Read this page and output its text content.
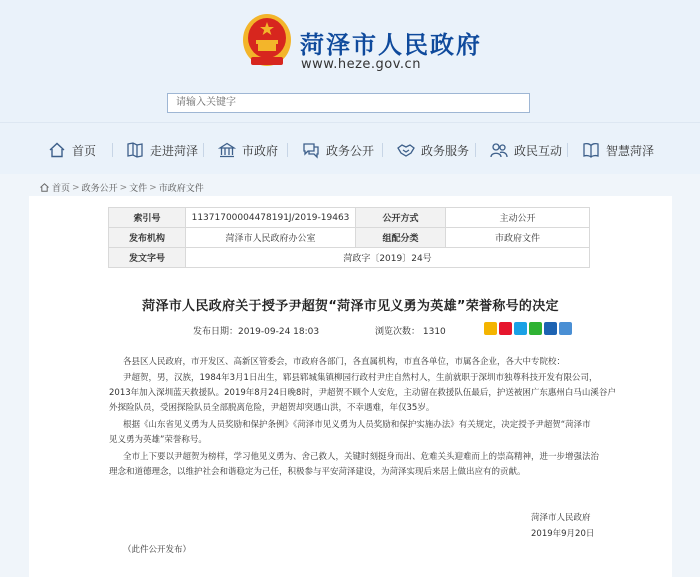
菏泽市人民政府
www.heze.gov.cn
请输入关键字
首页	走进菏泽	市政府	政务公开	政务服务	政民互动	智慧菏泽
首页 > 政务公开 > 文件 > 市政府文件
索引号	11371700004478191J/2019-19463	公开方式	主动公开
发布机构	菏泽市人民政府办公室	组配分类	市政府文件
发文字号	菏政字〔2019〕24号		
菏泽市人民政府关于授予尹超贺“菏泽市见义勇为英雄”荣誉称号的决定
发布日期：2019-09-24 18:03	浏览次数： 1310
各县区人民政府，市开发区、高新区管委会，市政府各部门，各直属机构，市直各单位，市属各企业，各大中专院校：
尹超贺，男，汉族，1984年3月1日出生，郓县郓城集镇柳园行政村尹庄自然村人，生前就职于深圳市独尊科技开发有限公司，
2013年加入深圳蓝天救援队。2019年8月24日晚8时，尹超贺不顾个人安危，主动留在救援队伍最后，护送被困广东惠州白马山溪谷户
外探险队员，受困探险队员全部脱离危险，尹超贺却突遇山洪，不幸遇难，年仅35岁。
根据《山东省见义勇为人员奖励和保护条例》《菏泽市见义勇为人员奖励和保护实施办法》有关规定，决定授予尹超贺“菏泽市
见义勇为英雄”荣誉称号。
全市上下要以尹超贺为榜样，学习他见义勇为、舍己救人，关键时刻挺身而出、危难关头迎难而上的崇高精神，进一步增强法治
理念和道德理念，以维护社会和谐稳定为己任，积极参与平安菏泽建设，为菏泽实现后来居上做出应有的贡献。
菏泽市人民政府
2019年9月20日
（此件公开发布）
